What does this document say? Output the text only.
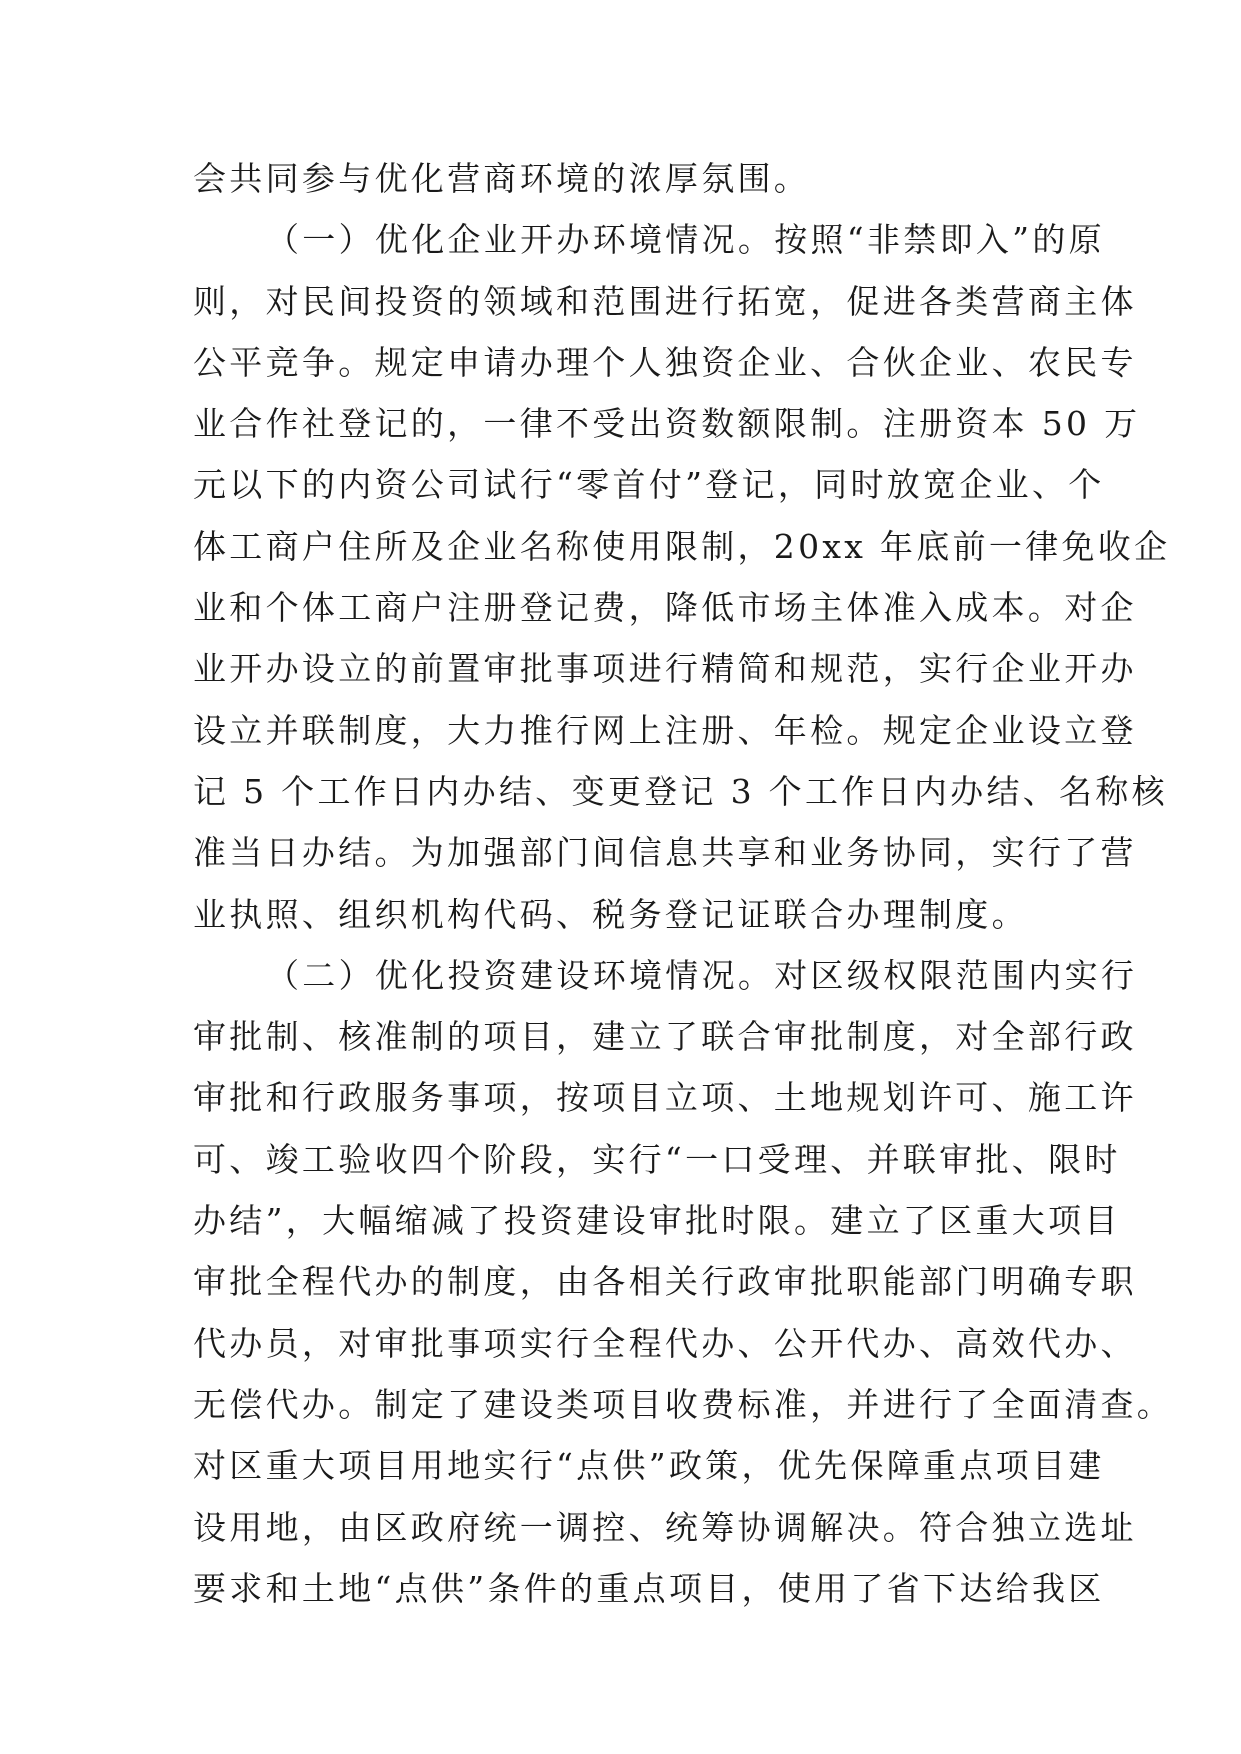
会共同参与优化营商环境的浓厚氛围。
（一）优化企业开办环境情况。按照“非禁即入”的原
则，对民间投资的领域和范围进行拓宽，促进各类营商主体
公平竞争。规定申请办理个人独资企业、合伙企业、农民专
业合作社登记的，一律不受出资数额限制。注册资本 50 万
元以下的内资公司试行“零首付”登记，同时放宽企业、个
体工商户住所及企业名称使用限制，20xx 年底前一律免收企
业和个体工商户注册登记费，降低市场主体准入成本。对企
业开办设立的前置审批事项进行精简和规范，实行企业开办
设立并联制度，大力推行网上注册、年检。规定企业设立登
记 5 个工作日内办结、变更登记 3 个工作日内办结、名称核
准当日办结。为加强部门间信息共享和业务协同，实行了营
业执照、组织机构代码、税务登记证联合办理制度。
（二）优化投资建设环境情况。对区级权限范围内实行
审批制、核准制的项目，建立了联合审批制度，对全部行政
审批和行政服务事项，按项目立项、土地规划许可、施工许
可、竣工验收四个阶段，实行“一口受理、并联审批、限时
办结”，大幅缩减了投资建设审批时限。建立了区重大项目
审批全程代办的制度，由各相关行政审批职能部门明确专职
代办员，对审批事项实行全程代办、公开代办、高效代办、
无偿代办。制定了建设类项目收费标准，并进行了全面清查。
对区重大项目用地实行“点供”政策，优先保障重点项目建
设用地，由区政府统一调控、统筹协调解决。符合独立选址
要求和土地“点供”条件的重点项目，使用了省下达给我区
